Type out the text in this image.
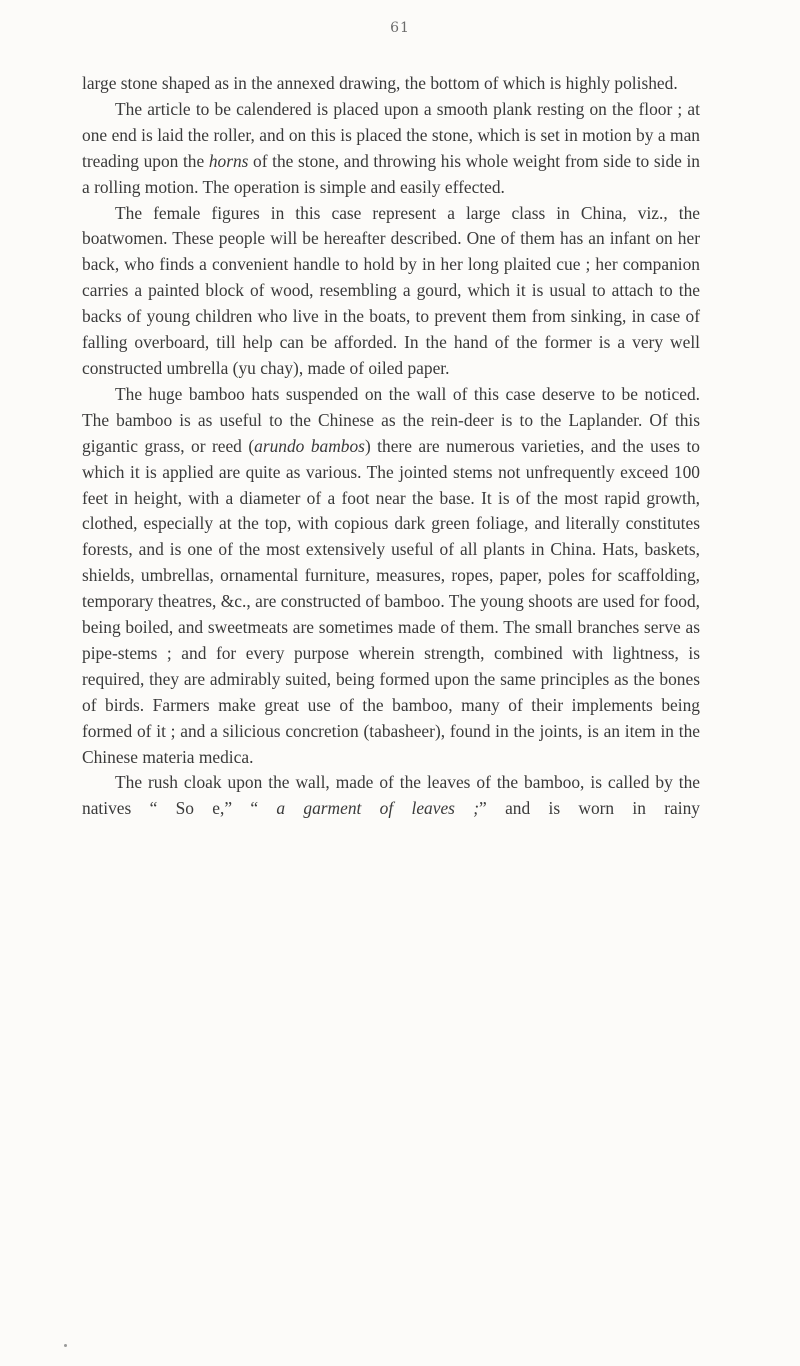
61

large stone shaped as in the annexed drawing, the bottom of which is highly polished.

The article to be calendered is placed upon a smooth plank resting on the floor ; at one end is laid the roller, and on this is placed the stone, which is set in motion by a man treading upon the horns of the stone, and throwing his whole weight from side to side in a rolling motion. The operation is simple and easily effected.

The female figures in this case represent a large class in China, viz., the boatwomen. These people will be hereafter described. One of them has an infant on her back, who finds a convenient handle to hold by in her long plaited cue ; her companion carries a painted block of wood, resembling a gourd, which it is usual to attach to the backs of young children who live in the boats, to prevent them from sinking, in case of falling overboard, till help can be afforded. In the hand of the former is a very well constructed umbrella (yu chay), made of oiled paper.

The huge bamboo hats suspended on the wall of this case deserve to be noticed. The bamboo is as useful to the Chinese as the rein-deer is to the Laplander. Of this gigantic grass, or reed (arundo bambos) there are numerous varieties, and the uses to which it is applied are quite as various. The jointed stems not unfrequently exceed 100 feet in height, with a diameter of a foot near the base. It is of the most rapid growth, clothed, especially at the top, with copious dark green foliage, and literally constitutes forests, and is one of the most extensively useful of all plants in China. Hats, baskets, shields, umbrellas, ornamental furniture, measures, ropes, paper, poles for scaffolding, temporary theatres, &c., are constructed of bamboo. The young shoots are used for food, being boiled, and sweetmeats are sometimes made of them. The small branches serve as pipe-stems ; and for every purpose wherein strength, combined with lightness, is required, they are admirably suited, being formed upon the same principles as the bones of birds. Farmers make great use of the bamboo, many of their implements being formed of it ; and a silicious concretion (tabasheer), found in the joints, is an item in the Chinese materia medica.

The rush cloak upon the wall, made of the leaves of the bamboo, is called by the natives “ So e,” “ a garment of leaves ;” and is worn in rainy
